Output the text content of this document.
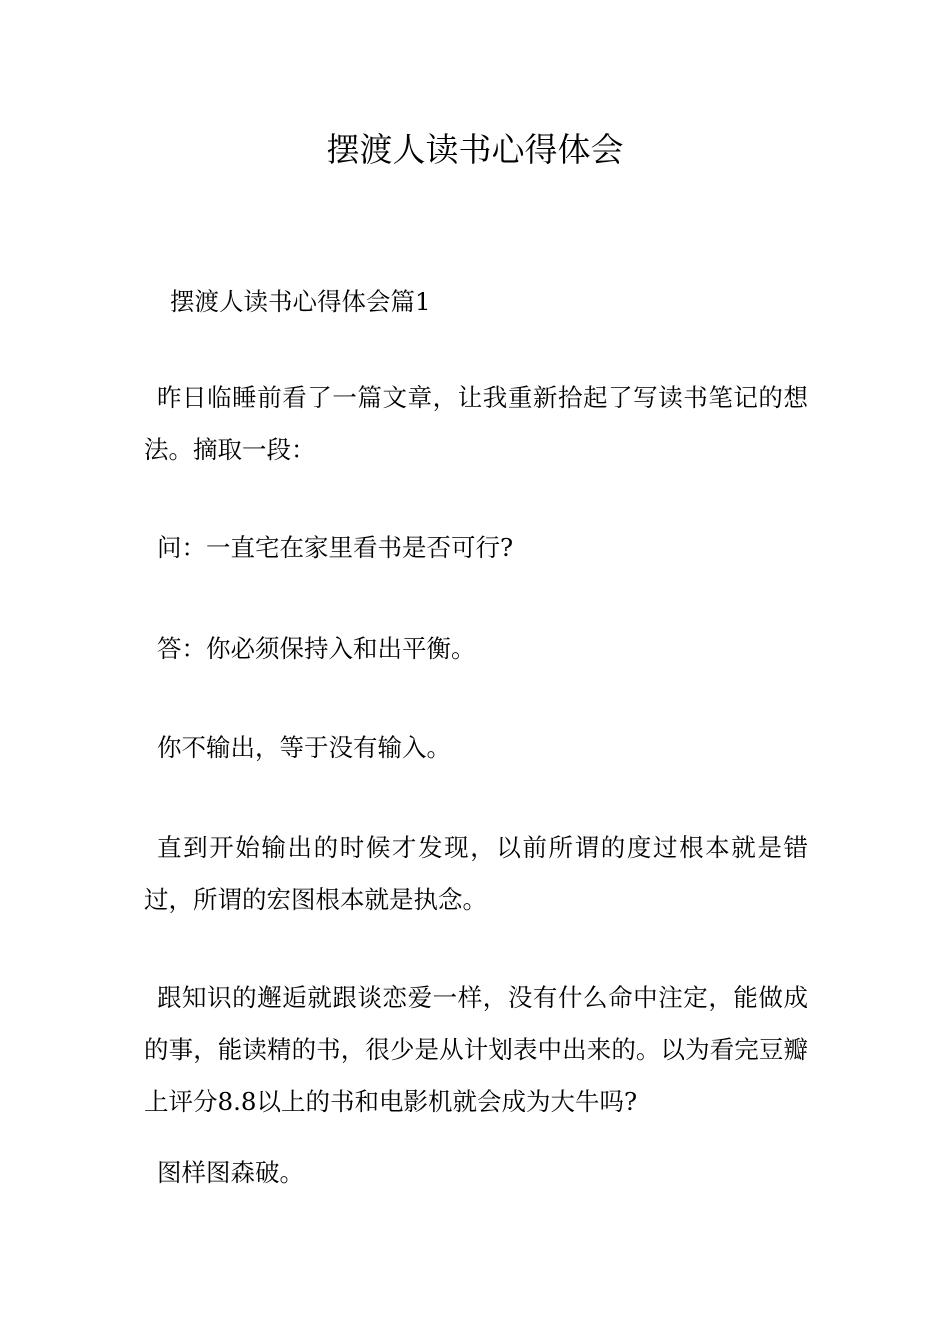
摆渡人读书心得体会

摆渡人读书心得体会篇1

昨日临睡前看了一篇文章，让我重新拾起了写读书笔记的想法。摘取一段：

问：一直宅在家里看书是否可行?

答：你必须保持入和出平衡。

你不输出，等于没有输入。

直到开始输出的时候才发现，以前所谓的度过根本就是错过，所谓的宏图根本就是执念。

跟知识的邂逅就跟谈恋爱一样，没有什么命中注定，能做成的事，能读精的书，很少是从计划表中出来的。以为看完豆瓣上评分8.8以上的书和电影机就会成为大牛吗?

图样图森破。
